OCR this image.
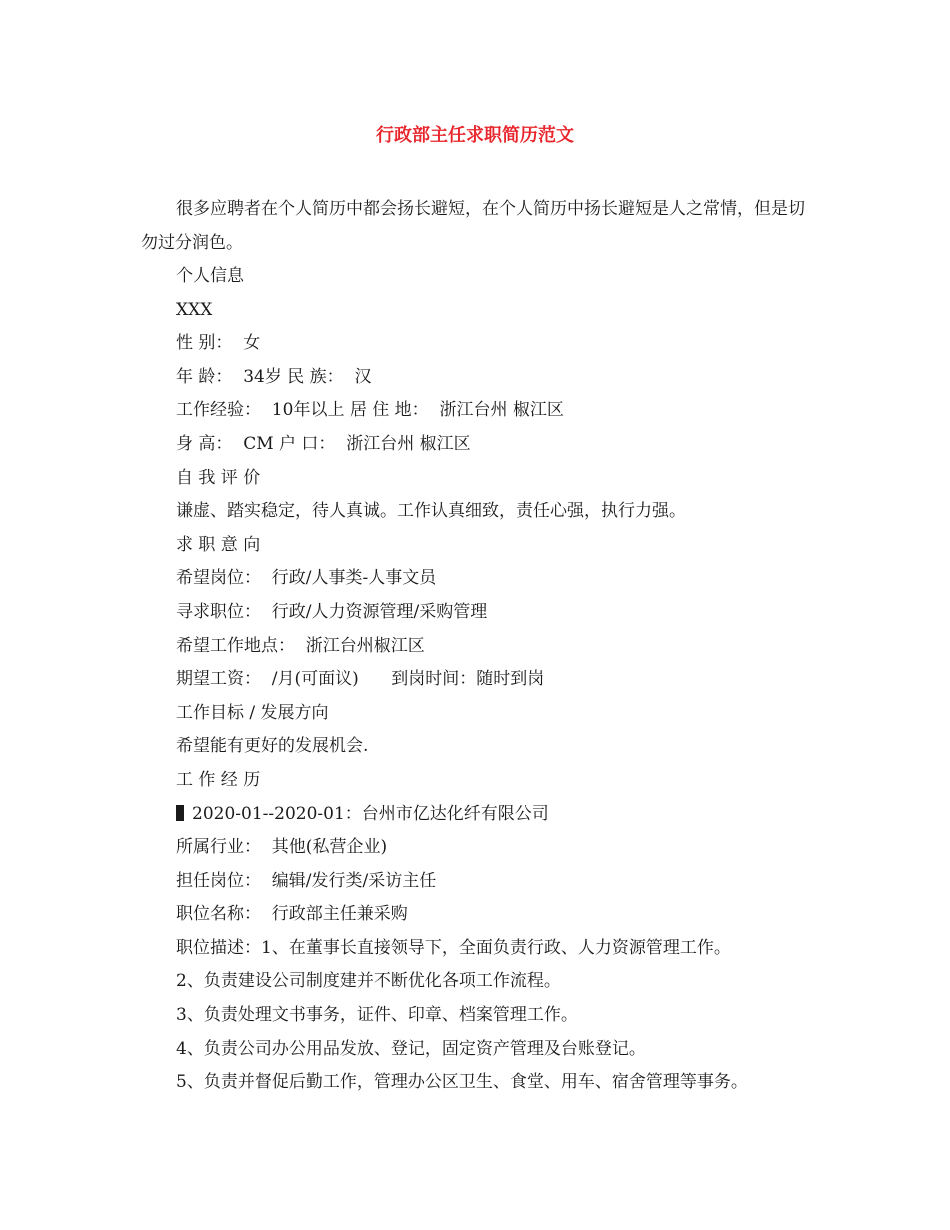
行政部主任求职简历范文

很多应聘者在个人简历中都会扬长避短，在个人简历中扬长避短是人之常情，但是切勿过分润色。

个人信息
XXX
性 别：  女
年 龄：  34岁 民 族：  汉
工作经验：  10年以上 居 住 地：  浙江台州 椒江区
身 高：  CM 户 口：  浙江台州 椒江区
自 我 评 价
谦虚、踏实稳定，待人真诚。工作认真细致，责任心强，执行力强。
求 职 意 向
希望岗位：  行政/人事类-人事文员
寻求职位：  行政/人力资源管理/采购管理
希望工作地点：  浙江台州椒江区
期望工资：  /月(可面议)      到岗时间：随时到岗
工作目标 / 发展方向
希望能有更好的发展机会.
工 作 经 历
2020-01--2020-01：台州市亿达化纤有限公司
所属行业：  其他(私营企业)
担任岗位：  编辑/发行类/采访主任
职位名称：  行政部主任兼采购
职位描述：1、在董事长直接领导下，全面负责行政、人力资源管理工作。
2、负责建设公司制度建并不断优化各项工作流程。
3、负责处理文书事务，证件、印章、档案管理工作。
4、负责公司办公用品发放、登记，固定资产管理及台账登记。
5、负责并督促后勤工作，管理办公区卫生、食堂、用车、宿舍管理等事务。
